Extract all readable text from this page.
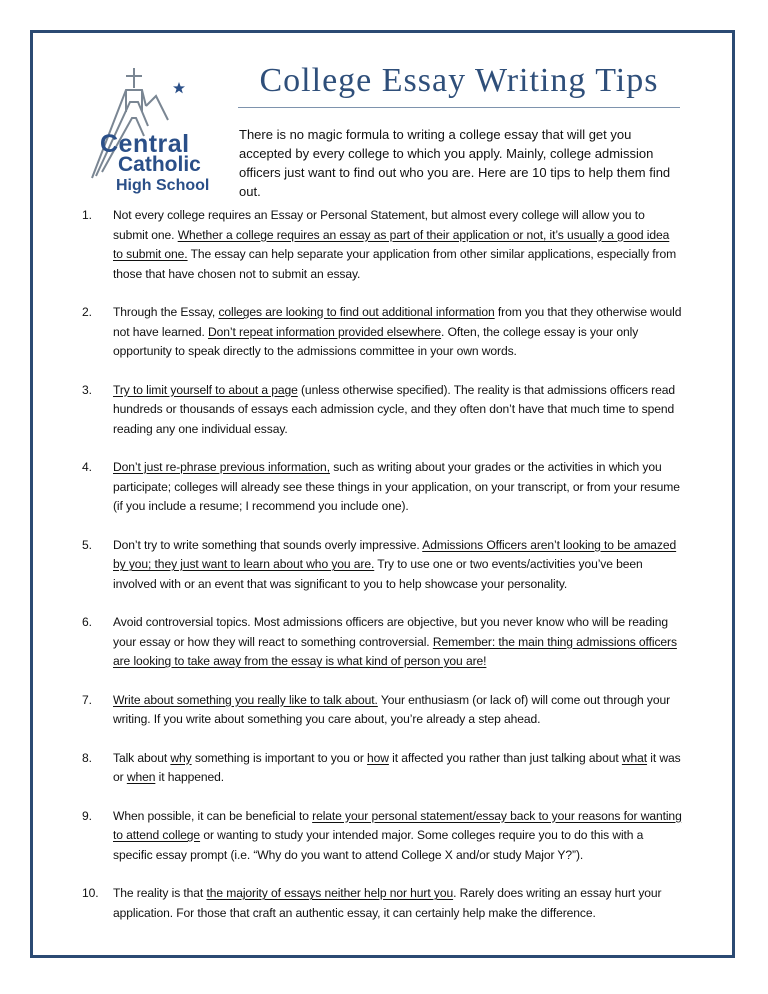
Central
Catholic
High School
College Essay Writing Tips

There is no magic formula to writing a college essay that will get you accepted by every college to which you apply. Mainly, college admission officers just want to find out who you are. Here are 10 tips to help them find out.

1.	Not every college requires an Essay or Personal Statement, but almost every college will allow you to submit one. Whether a college requires an essay as part of their application or not, it’s usually a good idea to submit one. The essay can help separate your application from other similar applications, especially from those that have chosen not to submit an essay.
2.	Through the Essay, colleges are looking to find out additional information from you that they otherwise would not have learned. Don’t repeat information provided elsewhere. Often, the college essay is your only opportunity to speak directly to the admissions committee in your own words.
3.	Try to limit yourself to about a page (unless otherwise specified). The reality is that admissions officers read hundreds or thousands of essays each admission cycle, and they often don’t have that much time to spend reading any one individual essay.
4.	Don’t just re-phrase previous information, such as writing about your grades or the activities in which you participate; colleges will already see these things in your application, on your transcript, or from your resume (if you include a resume; I recommend you include one).
5.	Don’t try to write something that sounds overly impressive. Admissions Officers aren’t looking to be amazed by you; they just want to learn about who you are. Try to use one or two events/activities you’ve been involved with or an event that was significant to you to help showcase your personality.
6.	Avoid controversial topics. Most admissions officers are objective, but you never know who will be reading your essay or how they will react to something controversial. Remember: the main thing admissions officers are looking to take away from the essay is what kind of person you are!
7.	Write about something you really like to talk about. Your enthusiasm (or lack of) will come out through your writing. If you write about something you care about, you’re already a step ahead.
8.	Talk about why something is important to you or how it affected you rather than just talking about what it was or when it happened.
9.	When possible, it can be beneficial to relate your personal statement/essay back to your reasons for wanting to attend college or wanting to study your intended major. Some colleges require you to do this with a specific essay prompt (i.e. “Why do you want to attend College X and/or study Major Y?”).
10.	The reality is that the majority of essays neither help nor hurt you. Rarely does writing an essay hurt your application. For those that craft an authentic essay, it can certainly help make the difference.
